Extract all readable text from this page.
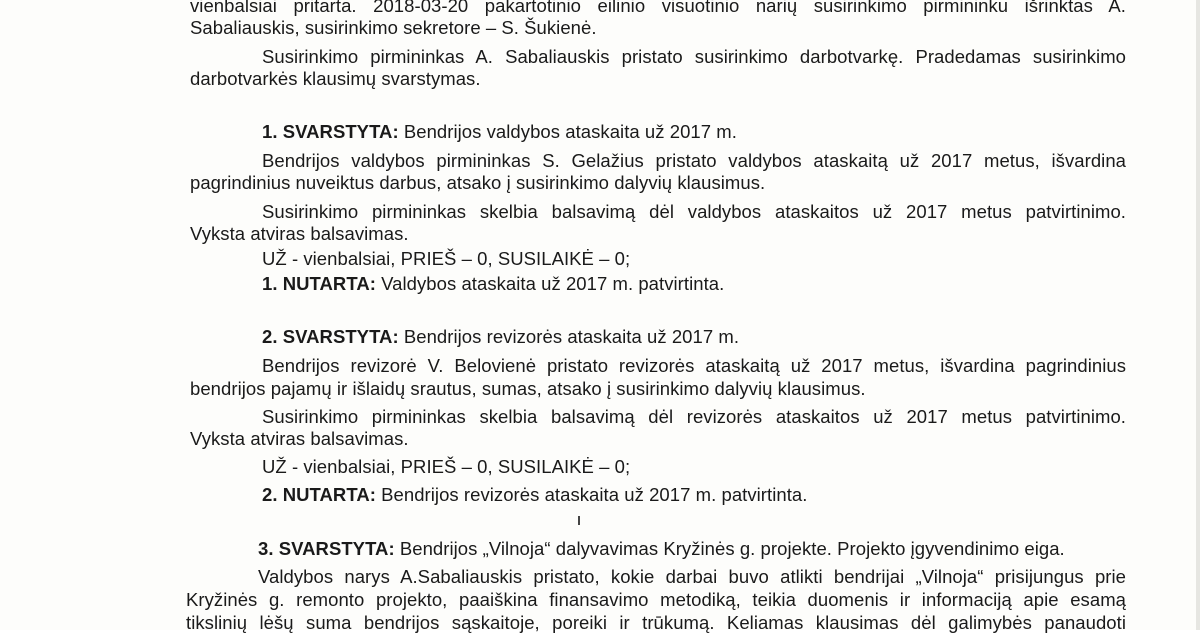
vienbalsiai pritarta. 2018-03-20 pakartotinio eilinio visuotinio narių susirinkimo pirmininku išrinktas A.
Sabaliauskis, susirinkimo sekretore – S. Šukienė.
Susirinkimo pirmininkas A. Sabaliauskis pristato susirinkimo darbotvarkę. Pradedamas susirinkimo
darbotvarkės klausimų svarstymas.
1. SVARSTYTA: Bendrijos valdybos ataskaita už 2017 m.
Bendrijos valdybos pirmininkas S. Gelažius pristato valdybos ataskaitą už 2017 metus, išvardina
pagrindinius nuveiktus darbus, atsako į susirinkimo dalyvių klausimus.
Susirinkimo pirmininkas skelbia balsavimą dėl valdybos ataskaitos už 2017 metus patvirtinimo.
Vyksta atviras balsavimas.
UŽ - vienbalsiai, PRIEŠ – 0, SUSILAIKĖ – 0;
1. NUTARTA: Valdybos ataskaita už 2017 m. patvirtinta.
2. SVARSTYTA: Bendrijos revizorės ataskaita už 2017 m.
Bendrijos revizorė V. Belovienė pristato revizorės ataskaitą už 2017 metus, išvardina pagrindinius
bendrijos pajamų ir išlaidų srautus, sumas, atsako į susirinkimo dalyvių klausimus.
Susirinkimo pirmininkas skelbia balsavimą dėl revizorės ataskaitos už 2017 metus patvirtinimo.
Vyksta atviras balsavimas.
UŽ - vienbalsiai, PRIEŠ – 0, SUSILAIKĖ – 0;
2. NUTARTA: Bendrijos revizorės ataskaita už 2017 m. patvirtinta.
3. SVARSTYTA: Bendrijos „Vilnoja“ dalyvavimas Kryžinės g. projekte. Projekto įgyvendinimo eiga.
Valdybos narys A.Sabaliauskis pristato, kokie darbai buvo atlikti bendrijai „Vilnoja“ prisijungus prie
Kryžinės g. remonto projekto, paaiškina finansavimo metodiką, teikia duomenis ir informaciją apie esamą
tikslinių lėšų suma bendrijos sąskaitoje, poreiki ir trūkumą. Keliamas klausimas dėl galimybės panaudoti
